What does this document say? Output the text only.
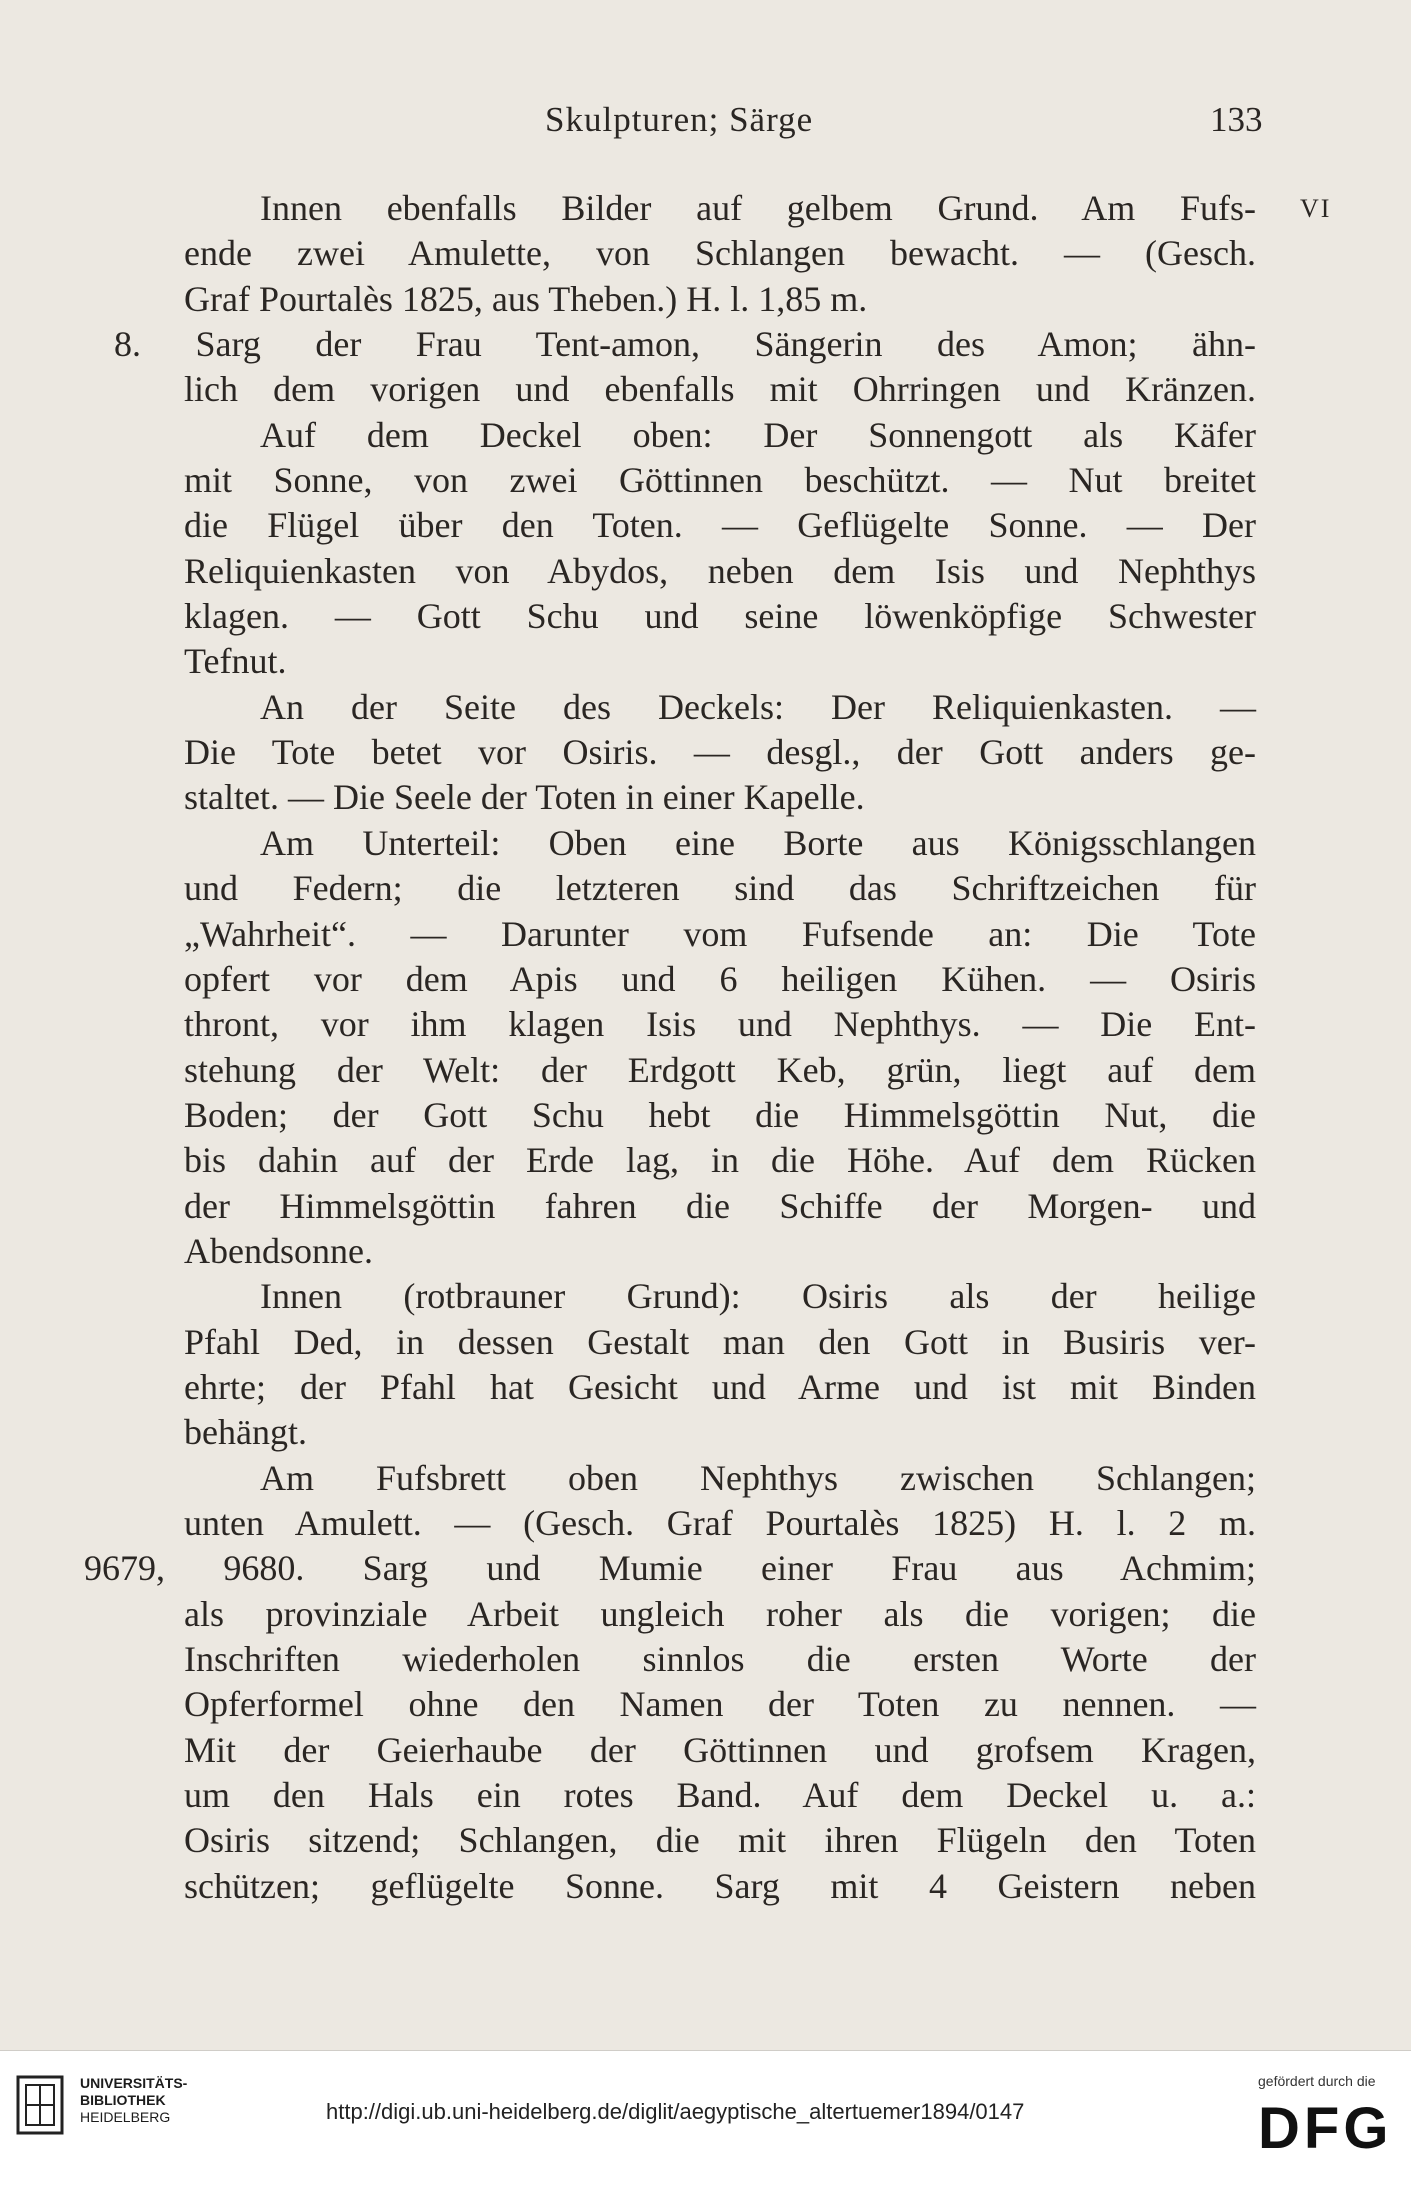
Skulpturen; Särge	133
VI
Innen ebenfalls Bilder auf gelbem Grund. Am Fufs-
ende zwei Amulette, von Schlangen bewacht. — (Gesch.
Graf Pourtalès 1825, aus Theben.) H. l. 1,85 m.
8. Sarg der Frau Tent-amon, Sängerin des Amon; ähn-
lich dem vorigen und ebenfalls mit Ohrringen und Kränzen.
Auf dem Deckel oben: Der Sonnengott als Käfer
mit Sonne, von zwei Göttinnen beschützt. — Nut breitet
die Flügel über den Toten. — Geflügelte Sonne. — Der
Reliquienkasten von Abydos, neben dem Isis und Nephthys
klagen. — Gott Schu und seine löwenköpfige Schwester
Tefnut.
An der Seite des Deckels: Der Reliquienkasten. —
Die Tote betet vor Osiris. — desgl., der Gott anders ge-
staltet. — Die Seele der Toten in einer Kapelle.
Am Unterteil: Oben eine Borte aus Königsschlangen
und Federn; die letzteren sind das Schriftzeichen für
„Wahrheit“. — Darunter vom Fufsende an: Die Tote
opfert vor dem Apis und 6 heiligen Kühen. — Osiris
thront, vor ihm klagen Isis und Nephthys. — Die Ent-
stehung der Welt: der Erdgott Keb, grün, liegt auf dem
Boden; der Gott Schu hebt die Himmelsgöttin Nut, die
bis dahin auf der Erde lag, in die Höhe. Auf dem Rücken
der Himmelsgöttin fahren die Schiffe der Morgen- und
Abendsonne.
Innen (rotbrauner Grund): Osiris als der heilige
Pfahl Ded, in dessen Gestalt man den Gott in Busiris ver-
ehrte; der Pfahl hat Gesicht und Arme und ist mit Binden
behängt.
Am Fufsbrett oben Nephthys zwischen Schlangen;
unten Amulett. — (Gesch. Graf Pourtalès 1825) H. l. 2 m.
9679, 9680. Sarg und Mumie einer Frau aus Achmim;
als provinziale Arbeit ungleich roher als die vorigen; die
Inschriften wiederholen sinnlos die ersten Worte der
Opferformel ohne den Namen der Toten zu nennen. —
Mit der Geierhaube der Göttinnen und grofsem Kragen,
um den Hals ein rotes Band. Auf dem Deckel u. a.:
Osiris sitzend; Schlangen, die mit ihren Flügeln den Toten
schützen; geflügelte Sonne. Sarg mit 4 Geistern neben
UNIVERSITÄTS-
BIBLIOTHEK
HEIDELBERG	http://digi.ub.uni-heidelberg.de/diglit/aegyptische_altertuemer1894/0147
gefördert durch die
DFG
